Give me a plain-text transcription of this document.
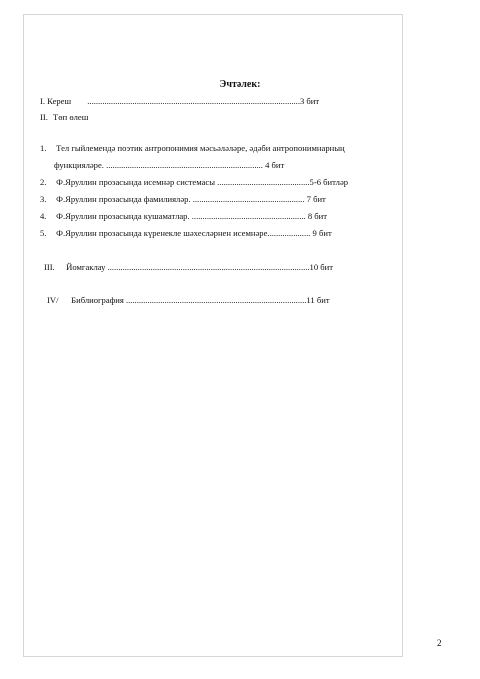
Эчтәлек:
I. Кереш ...................................................................................................3 бит
II. Төп өлеш
1. Тел гыйлемендә поэтик антропонимия мәсьәләләре, әдәби антропонимнарның
функцияләре. ......................................................................... 4 бит
2. Ф.Яруллин прозасында исемнәр системасы ...........................................5-6 битләр
3. Ф.Яруллин прозасында фамилияләр. .................................................... 7 бит
4. Ф.Яруллин прозасында кушаматлар. ..................................................... 8 бит
5. Ф.Яруллин прозасында күренекле шәхесләрнен исемнәре.................... 9 бит
III. Йомгаклау ..............................................................................................10 бит
IV/ Библиография ....................................................................................11 бит
2
